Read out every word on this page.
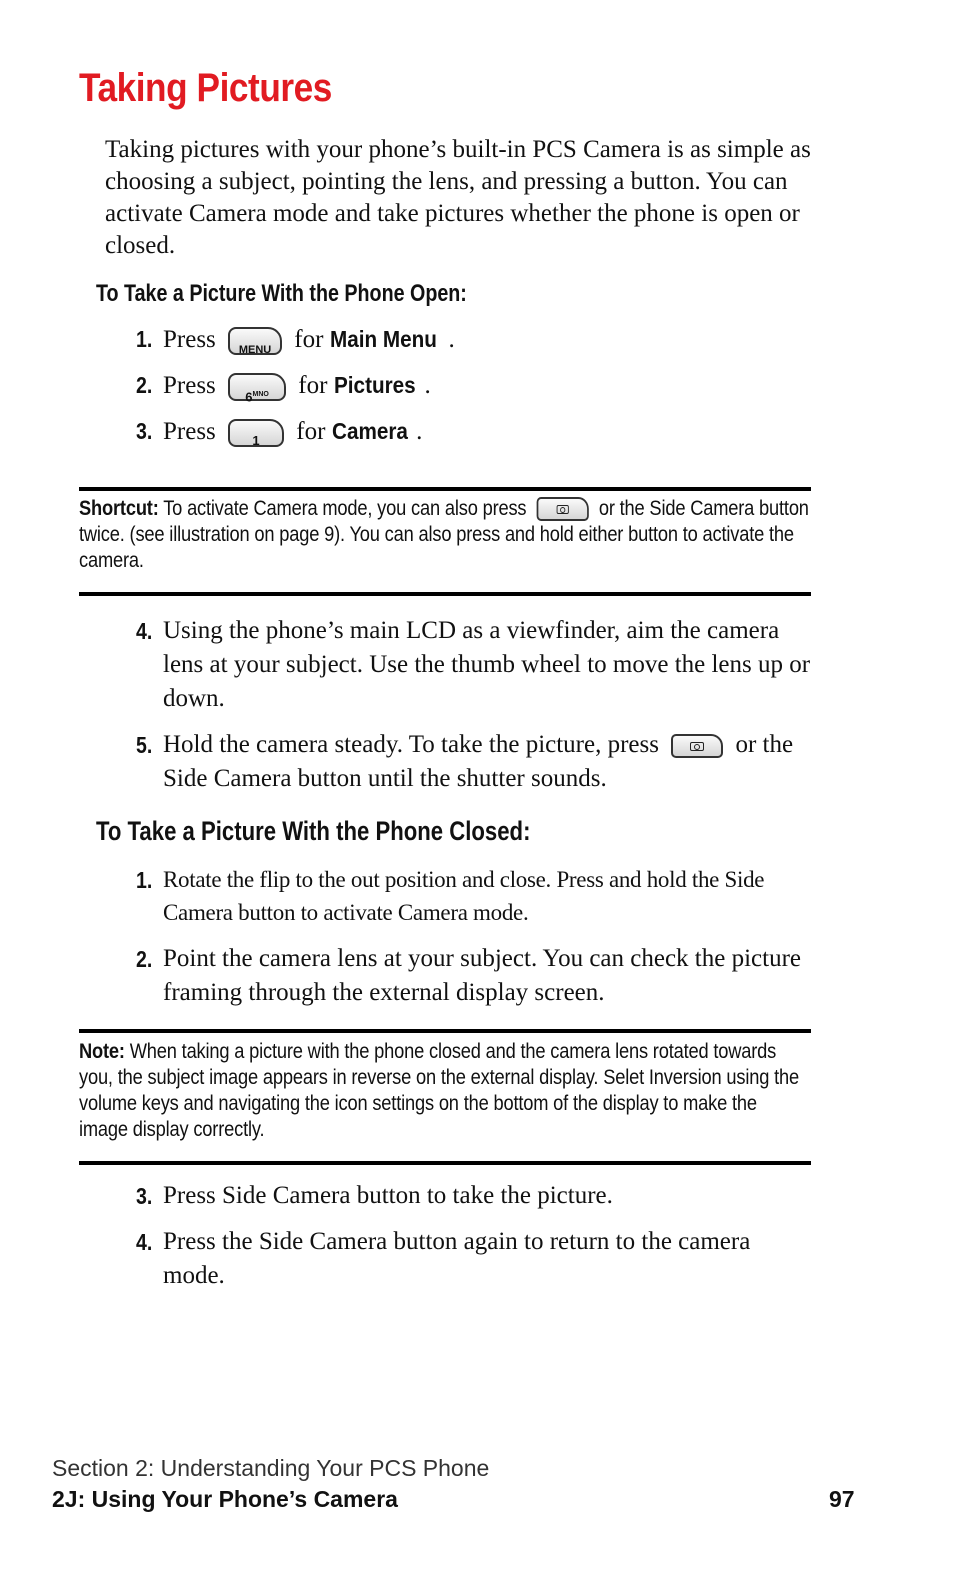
Taking Pictures

Taking pictures with your phone’s built-in PCS Camera is as simple as choosing a subject, pointing the lens, and pressing a button. You can activate Camera mode and take pictures whether the phone is open or closed.

To Take a Picture With the Phone Open:
1. Press	MENU for Main Menu .
2. Press	$6^{MNO}$	for Pictures .
3. Press	1	for Camera .
Shortcut: To activate Camera mode, you can also press	or the Side Camera button twice. (see illustration on page 9). You can also press and hold either button to activate the camera.
4. Using the phone’s main LCD as a viewfinder, aim the camera lens at your subject. Use the thumb wheel to move the lens up or down.
5. Hold the camera steady. To take the picture, press	or the Side Camera button until the shutter sounds.
To Take a Picture With the Phone Closed:
1. Rotate the flip to the out position and close. Press and hold the Side Camera button to activate Camera mode.
2. Point the camera lens at your subject. You can check the picture framing through the external display screen.
Note: When taking a picture with the phone closed and the camera lens rotated towards you, the subject image appears in reverse on the external display. Selet Inversion using the volume keys and navigating the icon settings on the bottom of the display to make the image display correctly.
3. Press Side Camera button to take the picture.
4. Press the Side Camera button again to return to the camera mode.
Section 2: Understanding Your PCS Phone
2J: Using Your Phone’s Camera	97
